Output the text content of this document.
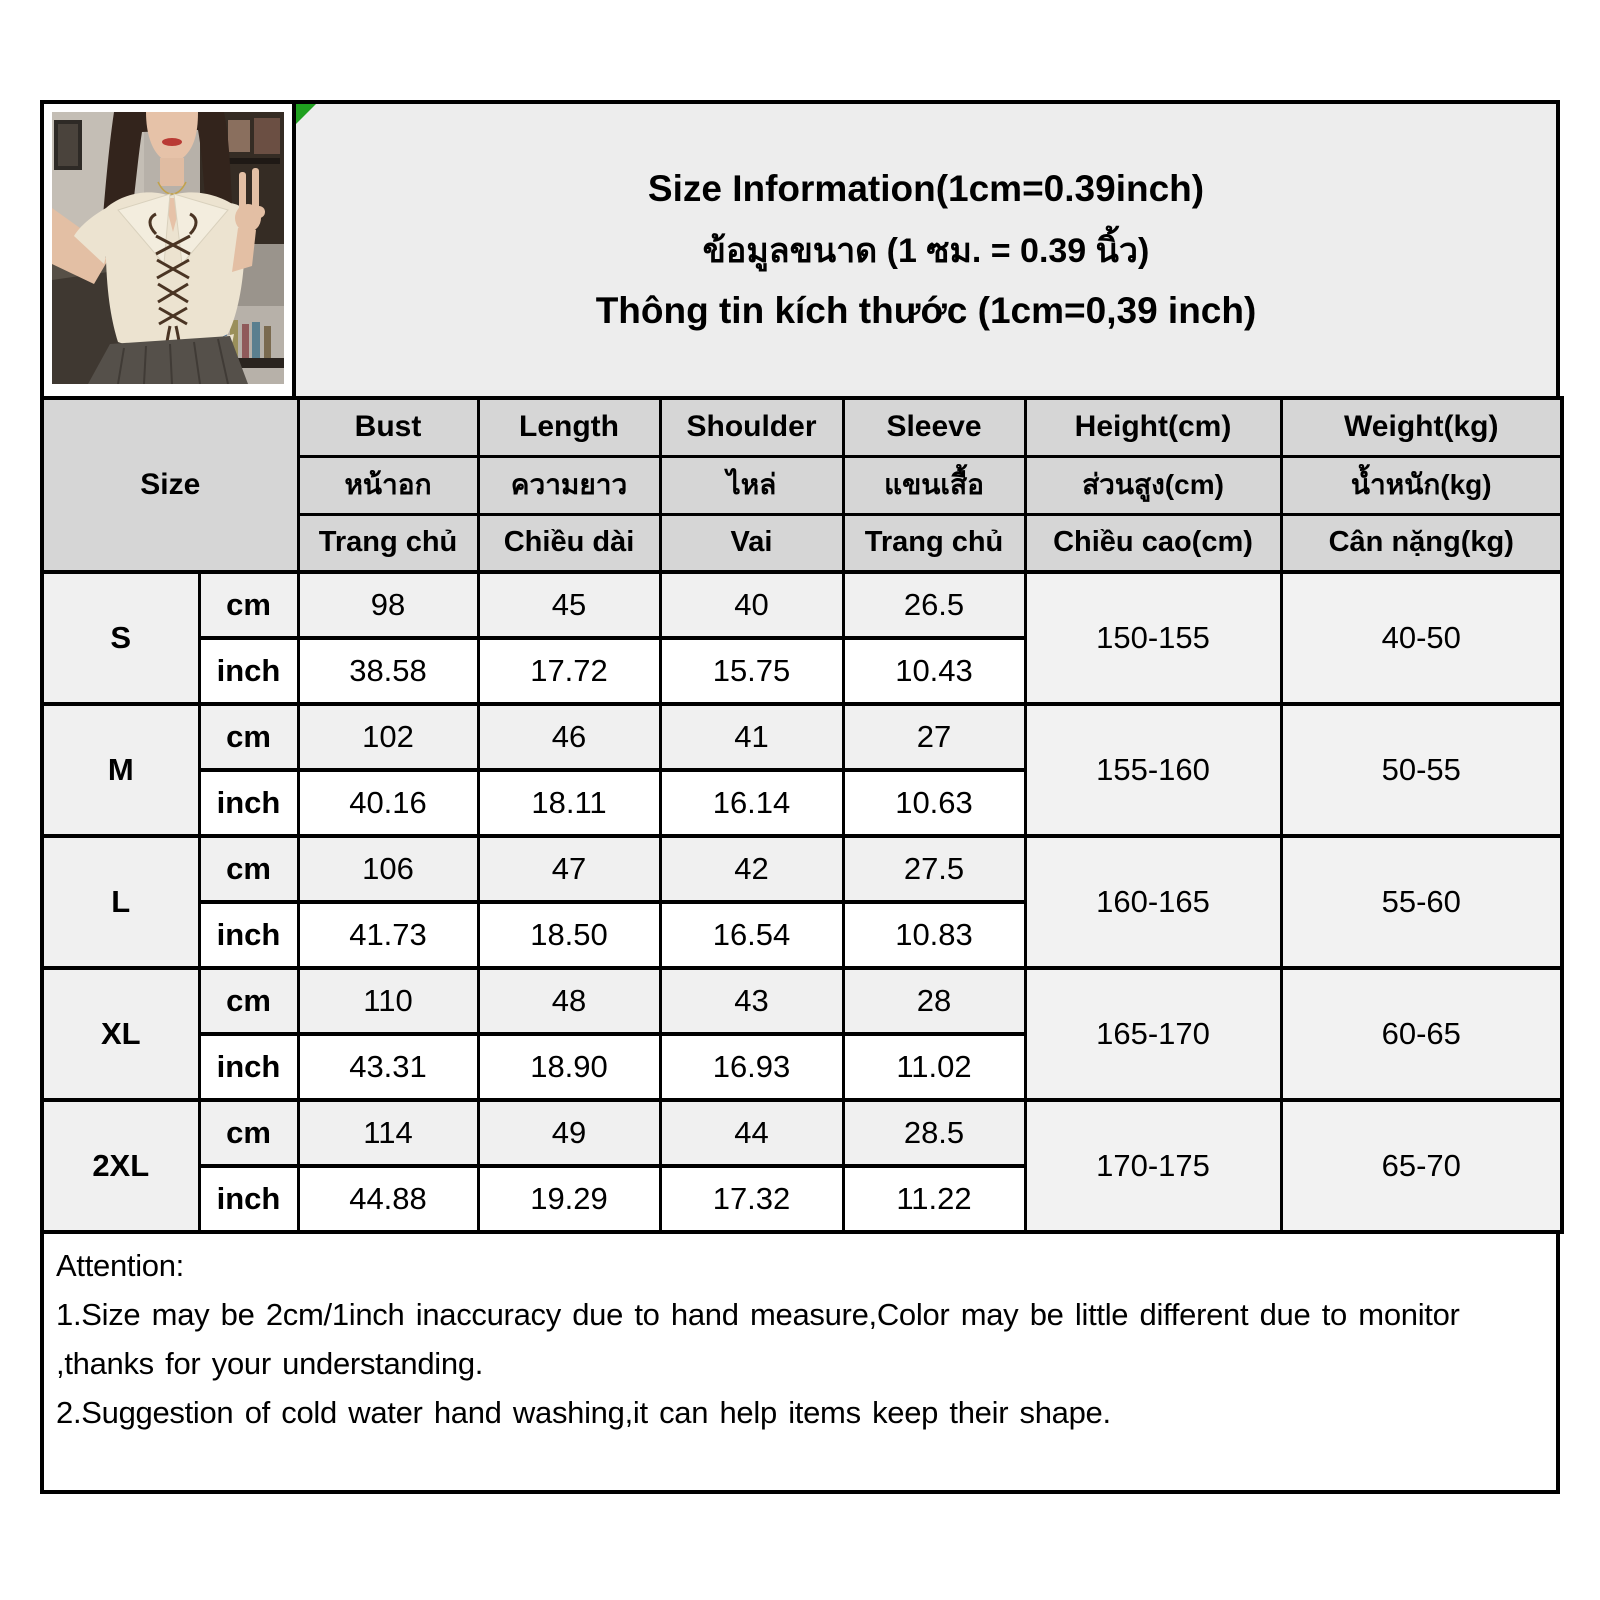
Size Information(1cm=0.39inch)
ข้อมูลขนาด (1 ซม. = 0.39 นิ้ว)
Thông tin kích thước (1cm=0,39 inch)
Size		Bust	Length	Shoulder	Sleeve	Height(cm)	Weight(kg)
		หน้าอก	ความยาว	ไหล่	แขนเสื้อ	ส่วนสูง(cm)	น้ำหนัก(kg)
		Trang chủ	Chiều dài	Vai	Trang chủ	Chiều cao(cm)	Cân nặng(kg)
S	cm	98	45	40	26.5	150-155	40-50
	inch	38.58	17.72	15.75	10.43		
M	cm	102	46	41	27	155-160	50-55
	inch	40.16	18.11	16.14	10.63		
L	cm	106	47	42	27.5	160-165	55-60
	inch	41.73	18.50	16.54	10.83		
XL	cm	110	48	43	28	165-170	60-65
	inch	43.31	18.90	16.93	11.02		
2XL	cm	114	49	44	28.5	170-175	65-70
	inch	44.88	19.29	17.32	11.22		
Attention:
1.Size may be 2cm/1inch inaccuracy due to hand measure,Color may be little different due to monitor
,thanks for your understanding.
2.Suggestion of cold water hand washing,it can help items keep their shape.
